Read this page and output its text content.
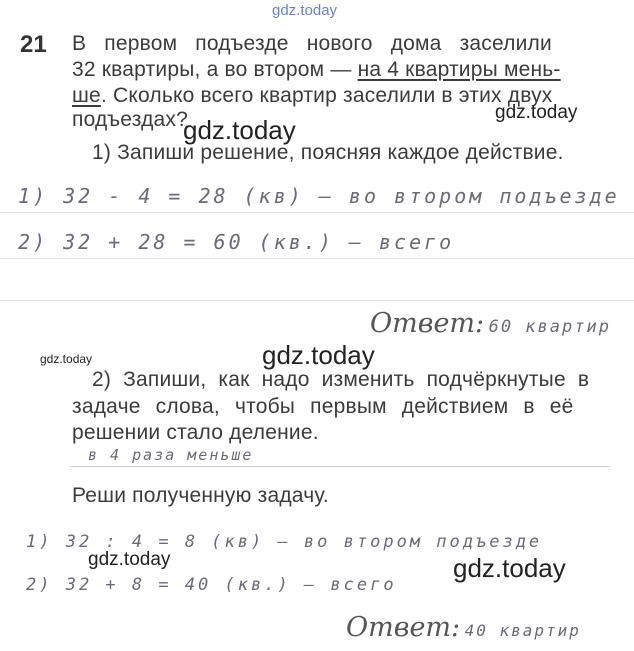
gdz.today
21 В первом подъезде нового дома заселили
32 квартиры, а во втором — на 4 квартиры мень-
ше. Сколько всего квартир заселили в этих двух
подъездах?	gdz.today
gdz.today
1) Запиши решение, поясняя каждое действие.
1) 32 - 4 = 28 (кв) — во втором подъезде
2) 32 + 28 = 60 (кв.) — всего
Ответ: 60 квартир
gdz.today	gdz.today
2) Запиши, как надо изменить подчёркнутые в
задаче слова, чтобы первым действием в её
решении стало деление.
в 4 раза меньше
Реши полученную задачу.
1) 32 : 4 = 8 (кв) — во втором подъезде
2) 32 + 8 = 40 (кв.) — всего
gdz.today	gdz.today
Ответ: 40 квартир
